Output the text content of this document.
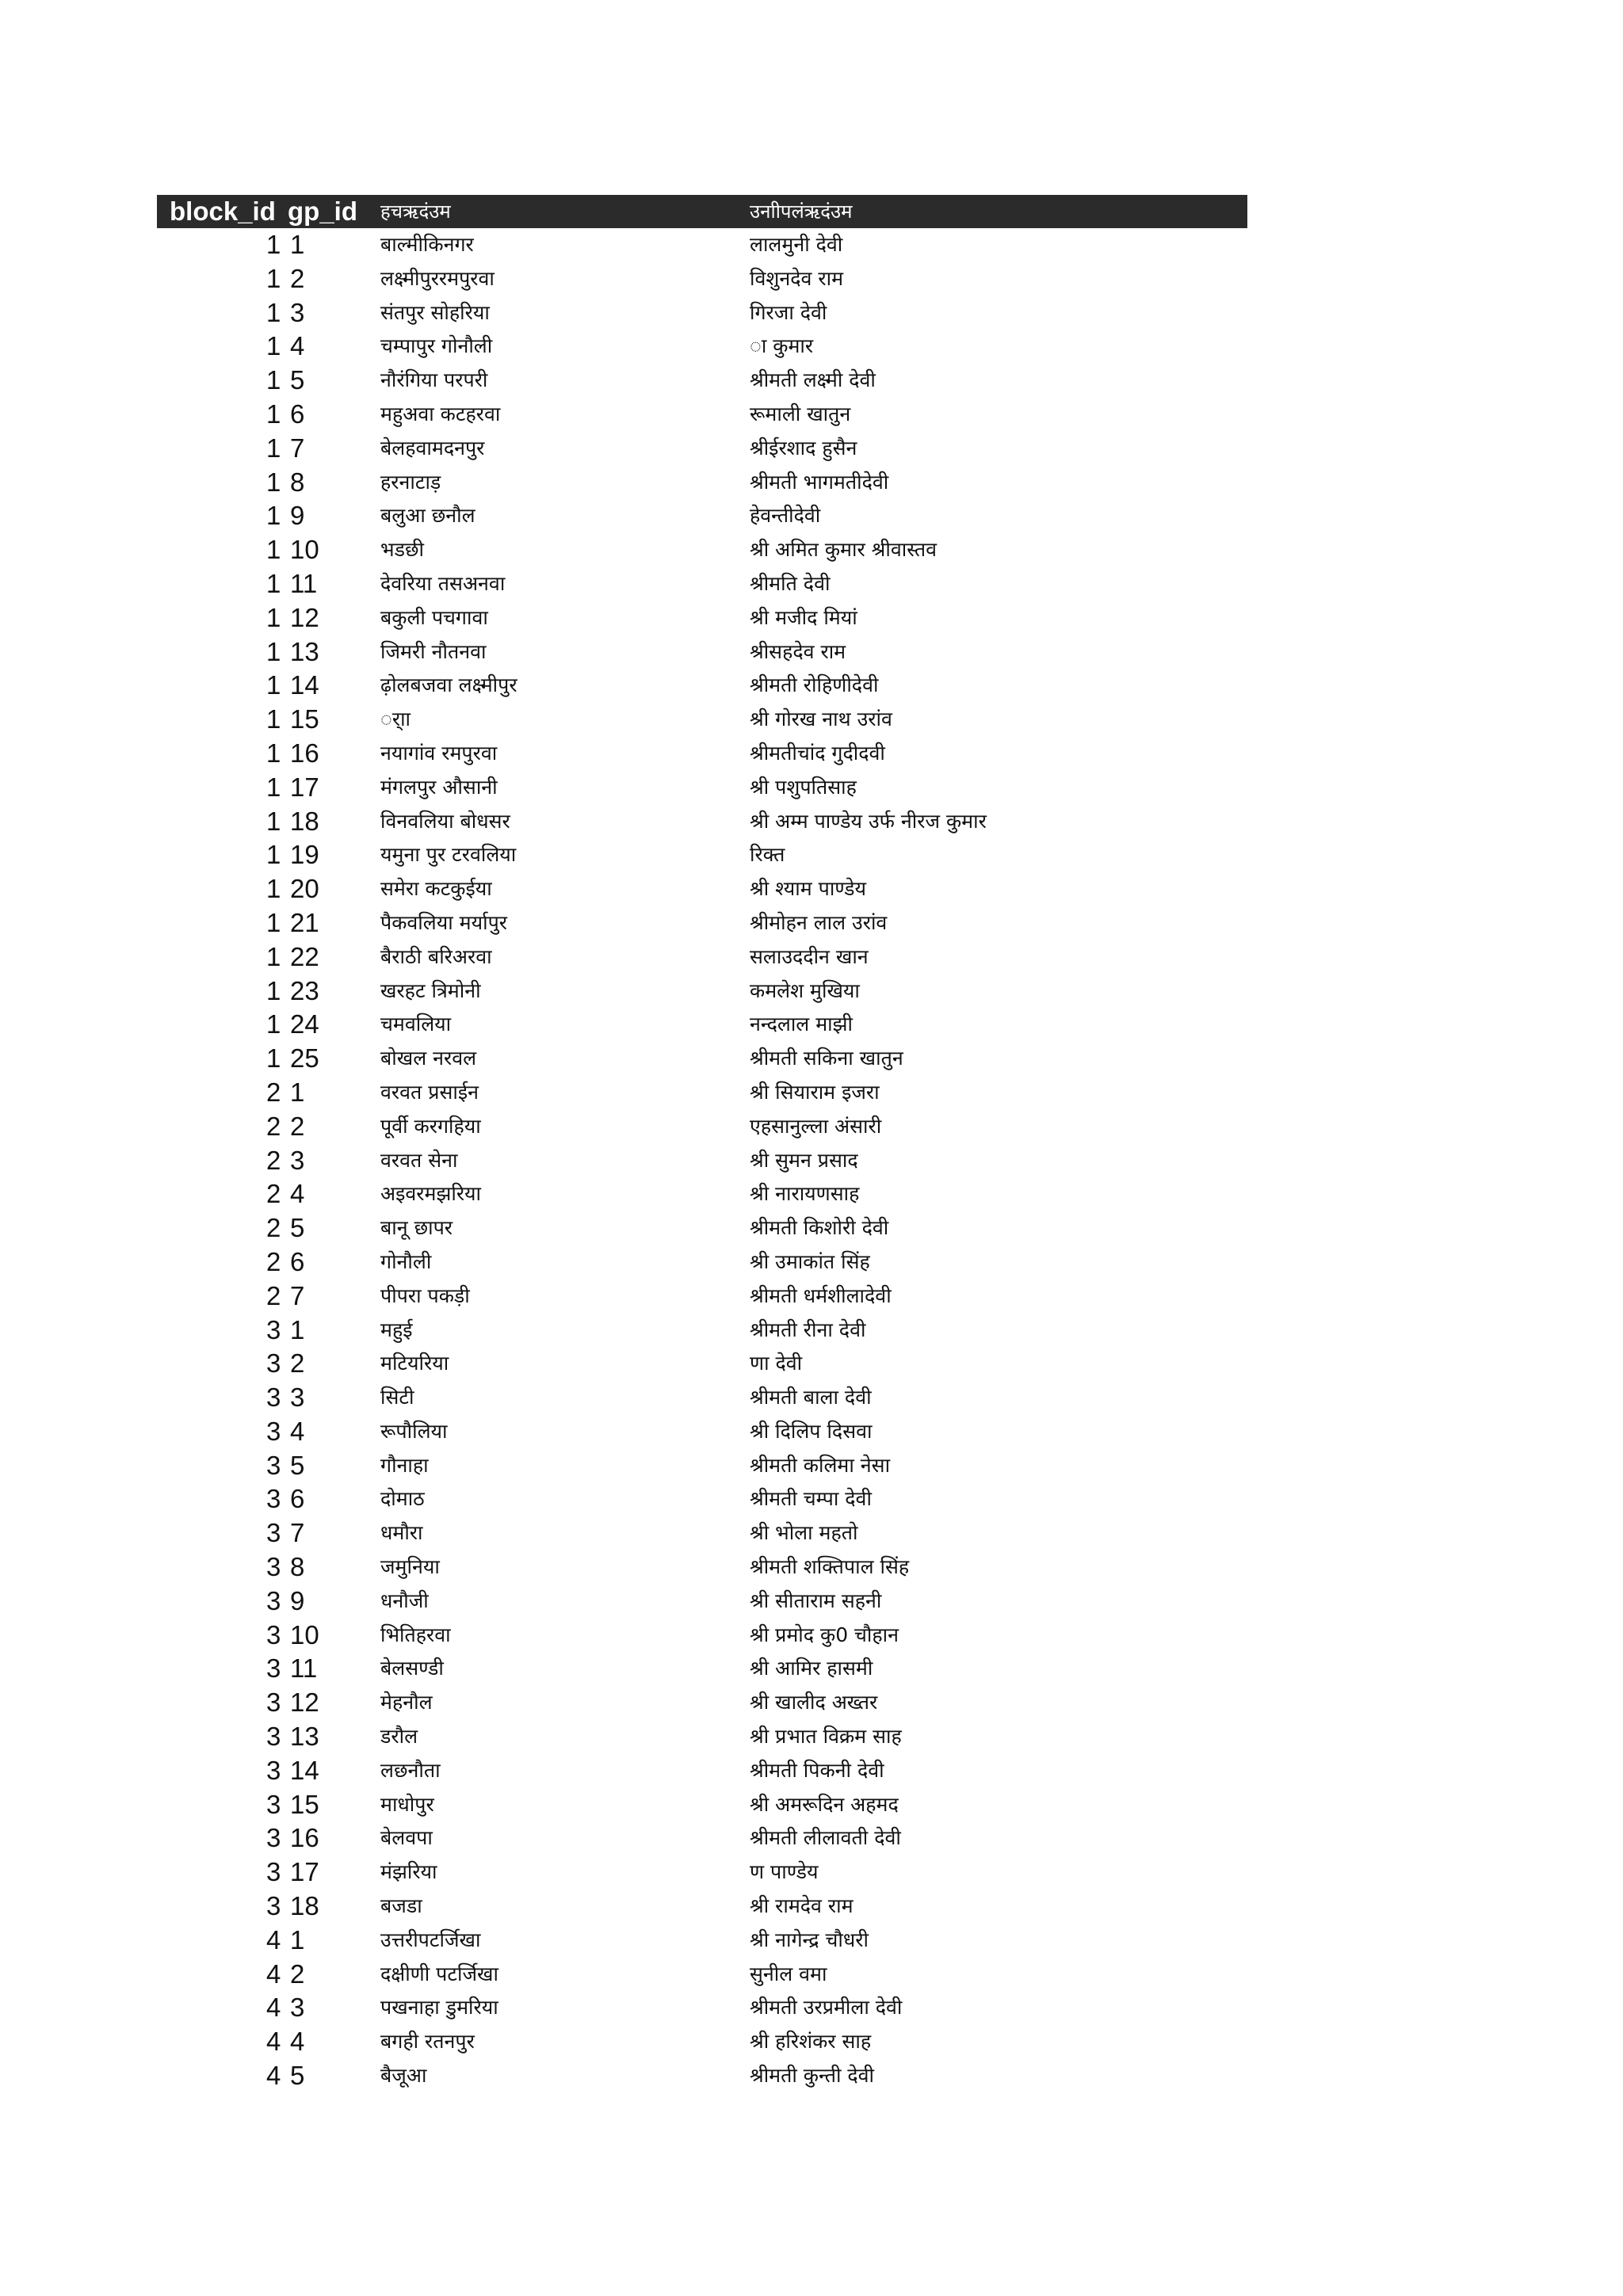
block_id gp_id हचऋदंउम	उनाीपलंऋदंउम
1 1	बाल्मीकिनगर	लालमुनी देवी
1 2	लक्ष्मीपुररमपुरवा	विशुनदेव राम
1 3	संतपुर सोहरिया	गिरजा देवी
1 4	चम्पापुर गोनौली	ा कुमार
1 5	नौरंगिया परपरी	श्रीमती लक्ष्मी देवी
1 6	महुअवा कटहरवा	रूमाली खातुन
1 7	बेलहवामदनपुर	श्रीईरशाद हुसैन
1 8	हरनाटाड़	श्रीमती भागमतीदेवी
1 9	बलुआ छनौल	हेवन्तीदेवी
1 10	भडछी	श्री अमित कुमार श्रीवास्तव
1 11	देवरिया तसअनवा	श्रीमति देवी
1 12	बकुली पचगावा	श्री मजीद मियां
1 13	जिमरी नौतनवा	श्रीसहदेव राम
1 14	ढ़ोलबजवा लक्ष्मीपुर	श्रीमती रोहिणीदेवी
1 15	र्ाा	श्री गोरख नाथ उरांव
1 16	नयागांव रमपुरवा	श्रीमतीचांद गुदीदवी
1 17	मंगलपुर औसानी	श्री पशुपतिसाह
1 18	विनवलिया बोधसर	श्री अम्म पाण्डेय उर्फ नीरज कुमार
1 19	यमुना पुर टरवलिया	रिक्त
1 20	समेरा कटकुईया	श्री श्याम पाण्डेय
1 21	पैकवलिया मर्यापुर	श्रीमोहन लाल उरांव
1 22	बैराठी बरिअरवा	सलाउददीन खान
1 23	खरहट त्रिमोनी	कमलेश मुखिया
1 24	चमवलिया	नन्दलाल माझी
1 25	बोखल नरवल	श्रीमती सकिना खातुन
2 1	वरवत प्रसाईन	श्री सियाराम इजरा
2 2	पूर्वी करगहिया	एहसानुल्ला अंसारी
2 3	वरवत सेना	श्री सुमन प्रसाद
2 4	अइवरमझरिया	श्री नारायणसाह
2 5	बानू छापर	श्रीमती किशोरी देवी
2 6	गोनौली	श्री उमाकांत सिंह
2 7	पीपरा पकड़ी	श्रीमती धर्मशीलादेवी
3 1	महुई	श्रीमती रीना देवी
3 2	मटियरिया	णा देवी
3 3	सिटी	श्रीमती बाला देवी
3 4	रूपौलिया	श्री दिलिप दिसवा
3 5	गौनाहा	श्रीमती कलिमा नेसा
3 6	दोमाठ	श्रीमती चम्पा देवी
3 7	धमौरा	श्री भोला महतो
3 8	जमुनिया	श्रीमती शक्तिपाल सिंह
3 9	धनौजी	श्री सीताराम सहनी
3 10	भितिहरवा	श्री प्रमोद कु0 चौहान
3 11	बेलसण्डी	श्री आमिर हासमी
3 12	मेहनौल	श्री खालीद अख्तर
3 13	डरौल	श्री प्रभात विक्रम साह
3 14	लछनौता	श्रीमती पिकनी देवी
3 15	माधोपुर	श्री अमरूदिन अहमद
3 16	बेलवपा	श्रीमती लीलावती देवी
3 17	मंझरिया	ण पाण्डेय
3 18	बजडा	श्री रामदेव राम
4 1	उत्तरीपटर्जिखा	श्री नागेन्द्र चौधरी
4 2	दक्षीणी पटर्जिखा	सुनील वमा
4 3	पखनाहा डुमरिया	श्रीमती उरप्रमीला देवी
4 4	बगही रतनपुर	श्री हरिशंकर साह
4 5	बैजूआ	श्रीमती कुन्ती देवी
